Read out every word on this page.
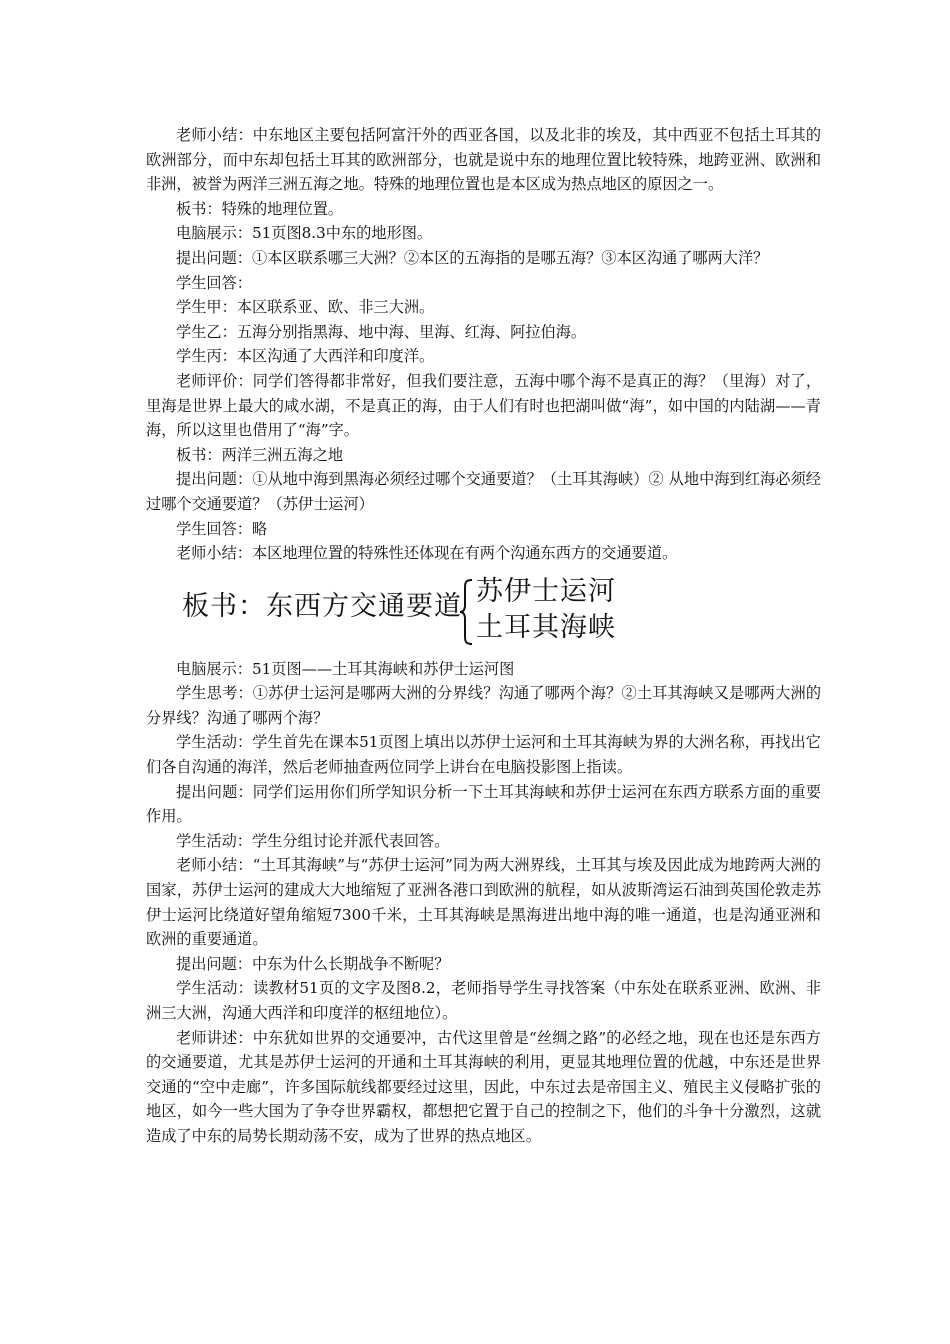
老师小结：中东地区主要包括阿富汗外的西亚各国，以及北非的埃及，其中西亚不包括土耳其的欧洲部分，而中东却包括土耳其的欧洲部分，也就是说中东的地理位置比较特殊，地跨亚洲、欧洲和非洲，被誉为两洋三洲五海之地。特殊的地理位置也是本区成为热点地区的原因之一。

板书：特殊的地理位置。

电脑展示：51页图8.3中东的地形图。

提出问题：①本区联系哪三大洲？②本区的五海指的是哪五海？③本区沟通了哪两大洋？

学生回答：

学生甲：本区联系亚、欧、非三大洲。

学生乙：五海分别指黑海、地中海、里海、红海、阿拉伯海。

学生丙：本区沟通了大西洋和印度洋。

老师评价：同学们答得都非常好，但我们要注意，五海中哪个海不是真正的海？（里海）对了，里海是世界上最大的咸水湖，不是真正的海，由于人们有时也把湖叫做“海”，如中国的内陆湖——青海，所以这里也借用了“海”字。

板书：两洋三洲五海之地

提出问题：①从地中海到黑海必须经过哪个交通要道？（土耳其海峡）② 从地中海到红海必须经过哪个交通要道？（苏伊士运河）

学生回答：略

老师小结：本区地理位置的特殊性还体现在有两个沟通东西方的交通要道。

板书：东西方交通要道 苏伊士运河
土耳其海峡

电脑展示：51页图——土耳其海峡和苏伊士运河图

学生思考：①苏伊士运河是哪两大洲的分界线？沟通了哪两个海？②土耳其海峡又是哪两大洲的分界线？沟通了哪两个海？

学生活动：学生首先在课本51页图上填出以苏伊士运河和土耳其海峡为界的大洲名称，再找出它们各自沟通的海洋，然后老师抽查两位同学上讲台在电脑投影图上指读。

提出问题：同学们运用你们所学知识分析一下土耳其海峡和苏伊士运河在东西方联系方面的重要作用。

学生活动：学生分组讨论并派代表回答。

老师小结：“土耳其海峡”与“苏伊士运河”同为两大洲界线，土耳其与埃及因此成为地跨两大洲的国家，苏伊士运河的建成大大地缩短了亚洲各港口到欧洲的航程，如从波斯湾运石油到英国伦敦走苏伊士运河比绕道好望角缩短7300千米，土耳其海峡是黑海进出地中海的唯一通道，也是沟通亚洲和欧洲的重要通道。

提出问题：中东为什么长期战争不断呢？

学生活动：读教材51页的文字及图8.2，老师指导学生寻找答案（中东处在联系亚洲、欧洲、非洲三大洲，沟通大西洋和印度洋的枢纽地位）。

老师讲述：中东犹如世界的交通要冲，古代这里曾是“丝绸之路”的必经之地，现在也还是东西方的交通要道，尤其是苏伊士运河的开通和土耳其海峡的利用，更显其地理位置的优越，中东还是世界交通的“空中走廊”，许多国际航线都要经过这里，因此，中东过去是帝国主义、殖民主义侵略扩张的地区，如今一些大国为了争夺世界霸权，都想把它置于自己的控制之下，他们的斗争十分激烈，这就造成了中东的局势长期动荡不安，成为了世界的热点地区。
